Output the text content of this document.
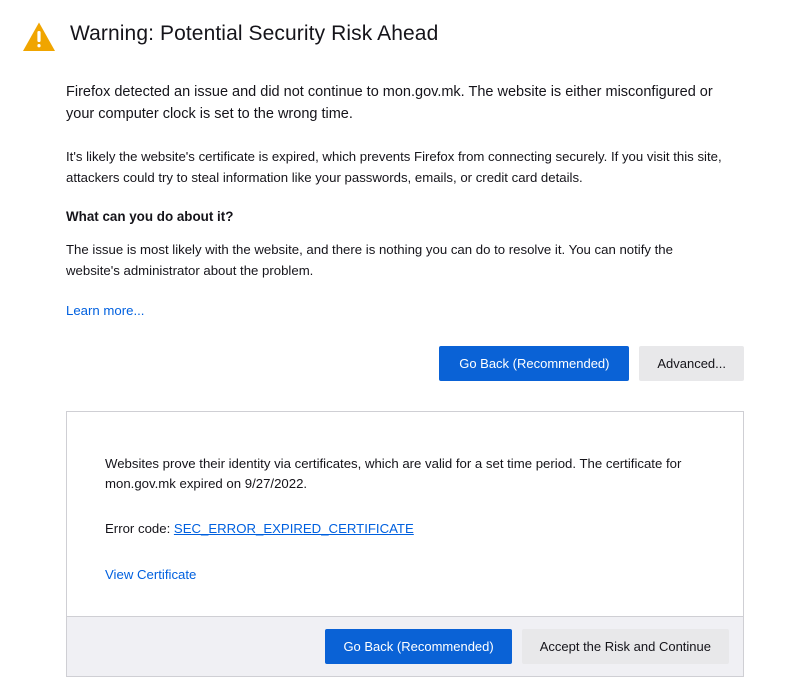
Warning: Potential Security Risk Ahead

Firefox detected an issue and did not continue to mon.gov.mk. The website is either misconfigured or your computer clock is set to the wrong time.

It's likely the website's certificate is expired, which prevents Firefox from connecting securely. If you visit this site, attackers could try to steal information like your passwords, emails, or credit card details.

What can you do about it?

The issue is most likely with the website, and there is nothing you can do to resolve it. You can notify the website's administrator about the problem.

Learn more...
Go Back (Recommended)	Advanced...

Websites prove their identity via certificates, which are valid for a set time period. The certificate for mon.gov.mk expired on 9/27/2022.

Error code: SEC_ERROR_EXPIRED_CERTIFICATE

View Certificate
Go Back (Recommended)	Accept the Risk and Continue
